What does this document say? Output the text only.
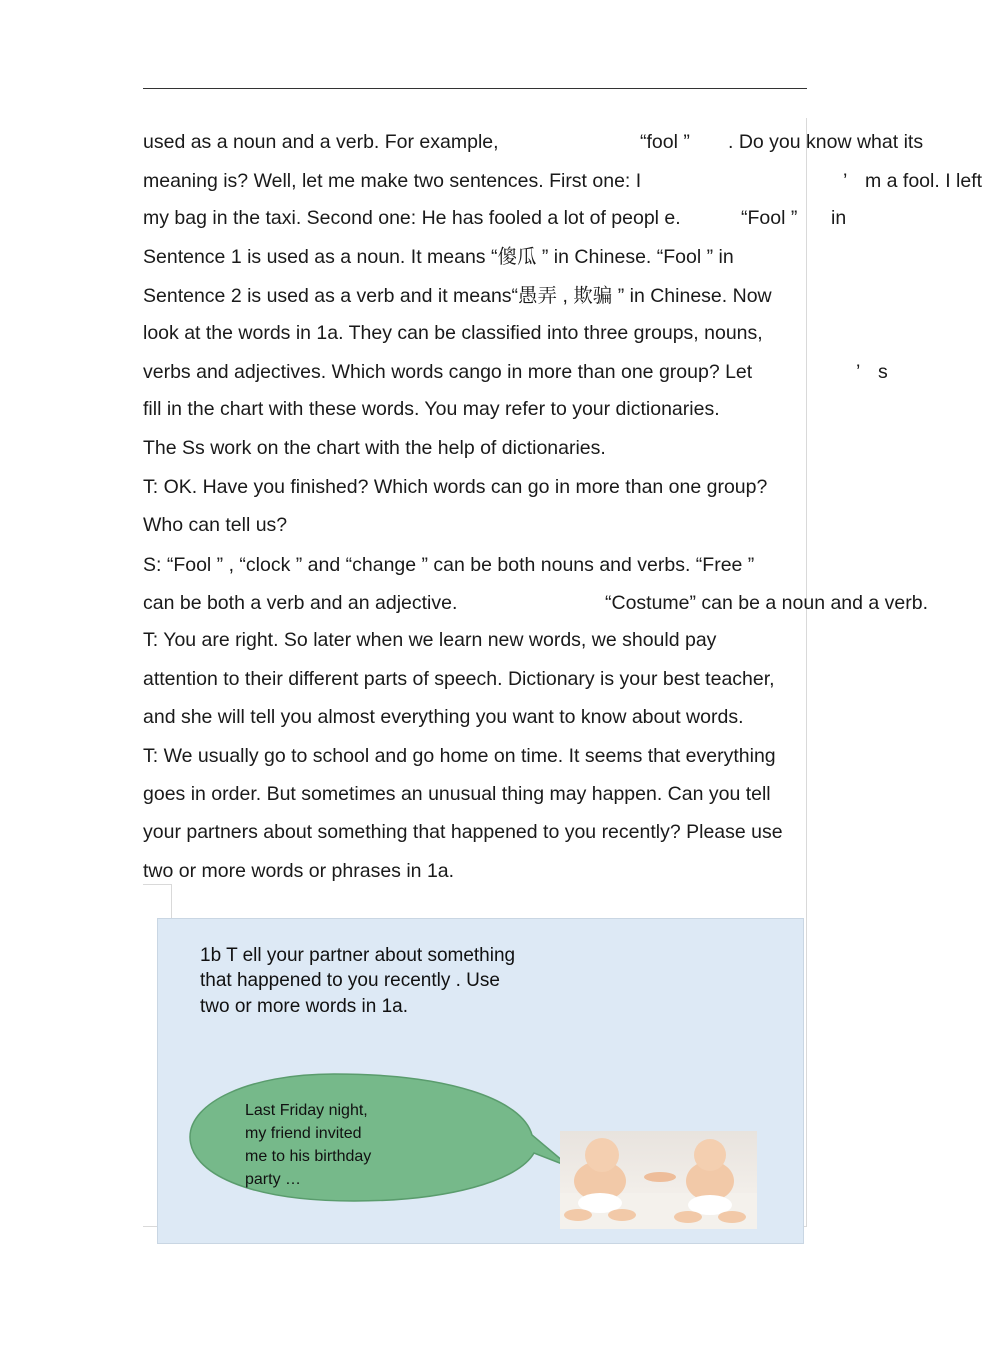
used as a noun and a verb. For example,	“fool ” . Do you know what its
meaning is? Well, let me make two sentences. First one: I	’ m a fool. I left
my bag in the taxi. Second one: He has fooled a lot of peopl e.	“Fool ” in
Sentence 1 is used as a noun. It means “傻瓜 ” in Chinese. “Fool ” in
Sentence 2 is used as a verb and it means“愚弄 , 欺骗 ” in Chinese. Now
look at the words in 1a. They can be classified into three groups, nouns,
verbs and adjectives. Which words cango in more than one group? Let	’ s
fill in the chart with these words. You may refer to your dictionaries.
The Ss work on the chart with the help of dictionaries.
T: OK. Have you finished? Which words can go in more than one group?
Who can tell us?
S: “Fool ” , “clock ” and “change ” can be both nouns and verbs. “Free ”
can be both a verb and an adjective.	“Costume” can be a noun and a verb.
T: You are right. So later when we learn new words, we should pay
attention to their different parts of speech. Dictionary is your best teacher,
and she will tell you almost everything you want to know about words.
T: We usually go to school and go home on time. It seems that everything
goes in order. But sometimes an unusual thing may happen. Can you tell
your partners about something that happened to you recently? Please use
two or more words or phrases in 1a.
1b T ell your partner about something
that happened to you recently . Use
two or more words in 1a.
Last Friday night,
my friend invited
me to his birthday
party …
